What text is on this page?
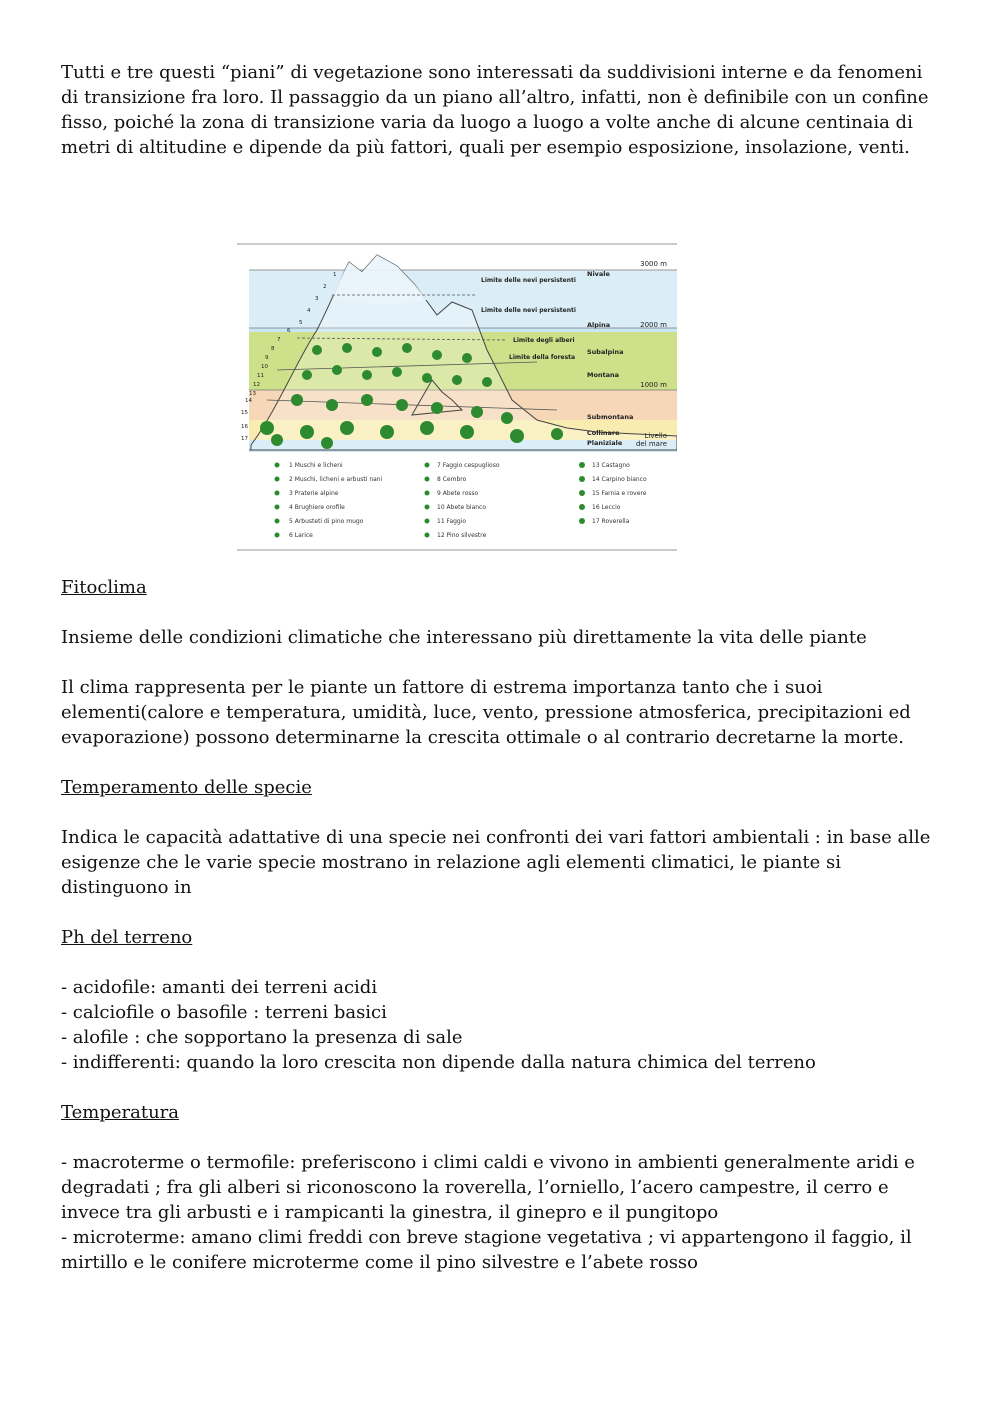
Tutti e tre questi “piani” di vegetazione sono interessati da suddivisioni interne e da fenomeni di transizione fra loro. Il passaggio da un piano all’altro, infatti, non è definibile con un confine fisso, poiché la zona di transizione varia da luogo a luogo a volte anche di alcune centinaia di metri di altitudine e dipende da più fattori, quali per esempio esposizione, insolazione, venti.

Fitoclima

Insieme delle condizioni climatiche che interessano più direttamente la vita delle piante

Il clima rappresenta per le piante un fattore di estrema importanza tanto che i suoi elementi(calore e temperatura, umidità, luce, vento, pressione atmosferica, precipitazioni ed evaporazione) possono determinarne la crescita ottimale o al contrario decretarne la morte.

Temperamento delle specie

Indica le capacità adattative di una specie nei confronti dei vari fattori ambientali : in base alle esigenze che le varie specie mostrano in relazione agli elementi climatici, le piante si distinguono in

Ph del terreno

- acidofile: amanti dei terreni acidi

- calciofile o basofile : terreni basici

- alofile : che sopportano la presenza di sale

- indifferenti: quando la loro crescita non dipende dalla natura chimica del terreno

Temperatura

- macroterme o termofile: preferiscono i climi caldi e vivono in ambienti generalmente aridi e degradati ; fra gli alberi si riconoscono la roverella, l’orniello, l’acero campestre, il cerro e invece tra gli arbusti e i rampicanti la ginestra, il ginepro e il pungitopo

- microterme: amano climi freddi con breve stagione vegetativa ; vi appartengono il faggio, il mirtillo e le conifere microterme come il pino silvestre e l’abete rosso

3000 m
2000 m
1000 m
Livello
del mare
Nivale
Alpina
Subalpina
Montana
Submontana
Collinare
Planiziale
Limite delle nevi persistenti
Limite delle nevi persistenti
Limite degli alberi
Limite della foresta
1
2
3
4
5
6
7
8
9
10
11
12
13
14
15
16
17
1 Muschi e licheni
2 Muschi, licheni e arbusti nani
3 Praterie alpine
4 Brughiere orofile
5 Arbusteti di pino mugo
6 Larice
7 Faggio cespuglioso
8 Cembro
9 Abete rosso
10 Abete bianco
11 Faggio
12 Pino silvestre
13 Castagno
14 Carpino bianco
15 Farnia e rovere
16 Leccio
17 Roverella
